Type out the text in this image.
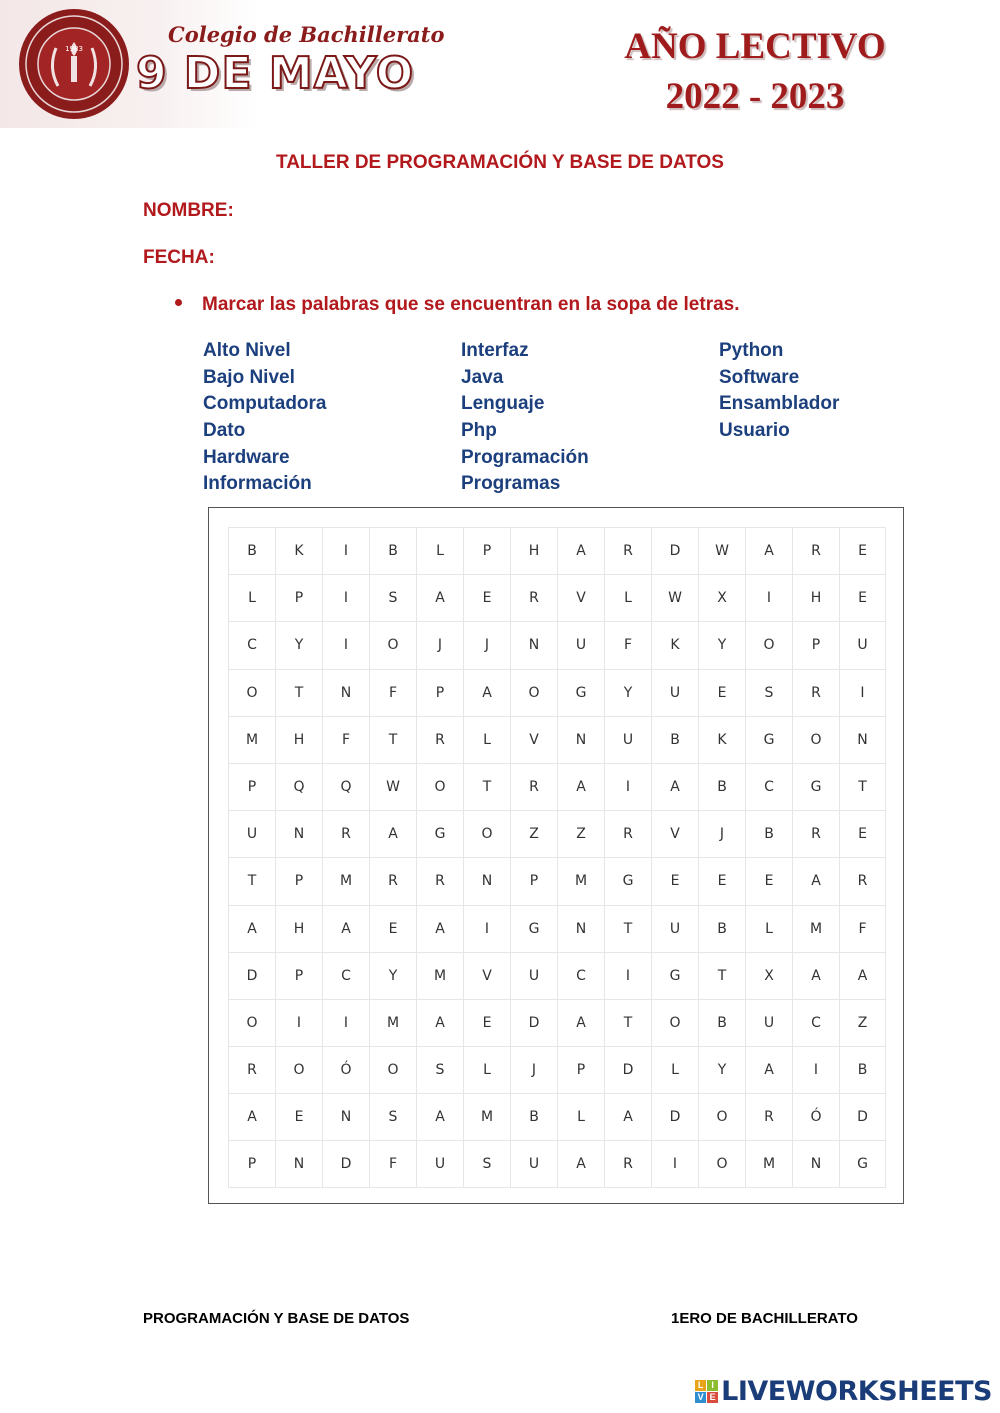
1983
Colegio de Bachillerato
9 DE MAYO
AÑO LECTIVO
2022 - 2023
TALLER DE PROGRAMACIÓN Y BASE DE DATOS
NOMBRE:
FECHA:
Marcar las palabras que se encuentran en la sopa de letras.
Alto Nivel
Bajo Nivel
Computadora
Dato
Hardware
Información
Interfaz
Java
Lenguaje
Php
Programación
Programas
Python
Software
Ensamblador
Usuario
B	K	I	B	L	P	H	A	R	D	W	A	R	E
L	P	I	S	A	E	R	V	L	W	X	I	H	E
C	Y	I	O	J	J	N	U	F	K	Y	O	P	U
O	T	N	F	P	A	O	G	Y	U	E	S	R	I
M	H	F	T	R	L	V	N	U	B	K	G	O	N
P	Q	Q	W	O	T	R	A	I	A	B	C	G	T
U	N	R	A	G	O	Z	Z	R	V	J	B	R	E
T	P	M	R	R	N	P	M	G	E	E	E	A	R
A	H	A	E	A	I	G	N	T	U	B	L	M	F
D	P	C	Y	M	V	U	C	I	G	T	X	A	A
O	I	I	M	A	E	D	A	T	O	B	U	C	Z
R	O	Ó	O	S	L	J	P	D	L	Y	A	I	B
A	E	N	S	A	M	B	L	A	D	O	R	Ó	D
P	N	D	F	U	S	U	A	R	I	O	M	N	G
PROGRAMACIÓN Y BASE DE DATOS	1ERO DE BACHILLERATO
L I
V E LIVEWORKSHEETS
